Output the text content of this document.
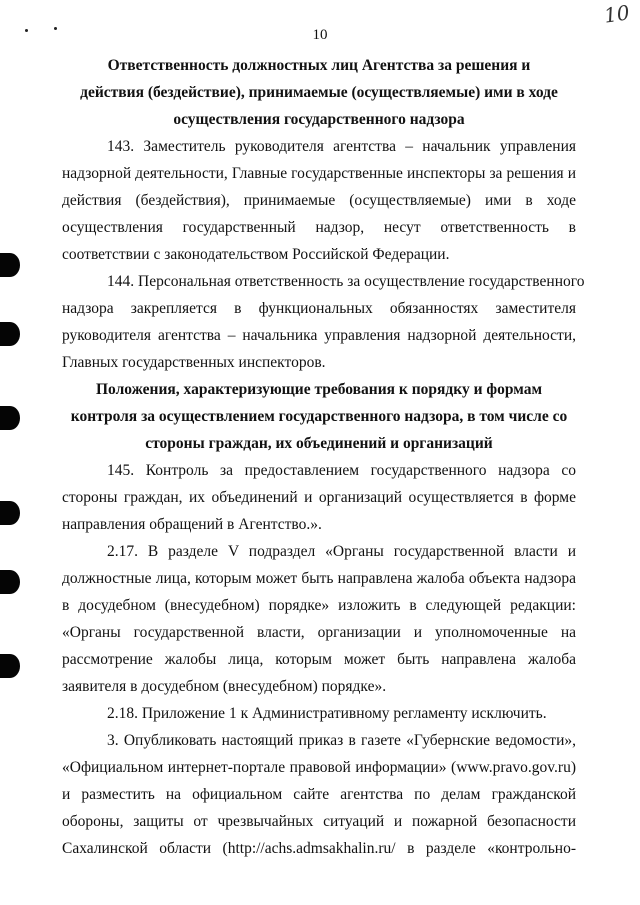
10
10
Ответственность должностных лиц Агентства за решения и
действия (бездействие), принимаемые (осуществляемые) ими в ходе
осуществления государственного надзора
143. Заместитель руководителя агентства – начальник управления
надзорной деятельности, Главные государственные инспекторы за решения и
действия (бездействия), принимаемые (осуществляемые) ими в ходе
осуществления государственный надзор, несут ответственность в
соответствии с законодательством Российской Федерации.
144. Персональная ответственность за осуществление государственного
надзора закрепляется в функциональных обязанностях заместителя
руководителя агентства – начальника управления надзорной деятельности,
Главных государственных инспекторов.
Положения, характеризующие требования к порядку и формам
контроля за осуществлением государственного надзора, в том числе со
стороны граждан, их объединений и организаций
145. Контроль за предоставлением государственного надзора со
стороны граждан, их объединений и организаций осуществляется в форме
направления обращений в Агентство.».
2.17. В разделе V подраздел «Органы государственной власти и
должностные лица, которым может быть направлена жалоба объекта надзора
в досудебном (внесудебном) порядке» изложить в следующей редакции:
«Органы государственной власти, организации и уполномоченные на
рассмотрение жалобы лица, которым может быть направлена жалоба
заявителя в досудебном (внесудебном) порядке».
2.18. Приложение 1 к Административному регламенту исключить.
3. Опубликовать настоящий приказ в газете «Губернские ведомости»,
«Официальном интернет-портале правовой информации» (www.pravo.gov.ru)
и разместить на официальном сайте агентства по делам гражданской
обороны, защиты от чрезвычайных ситуаций и пожарной безопасности
Сахалинской области (http://achs.admsakhalin.ru/ в разделе «контрольно-
